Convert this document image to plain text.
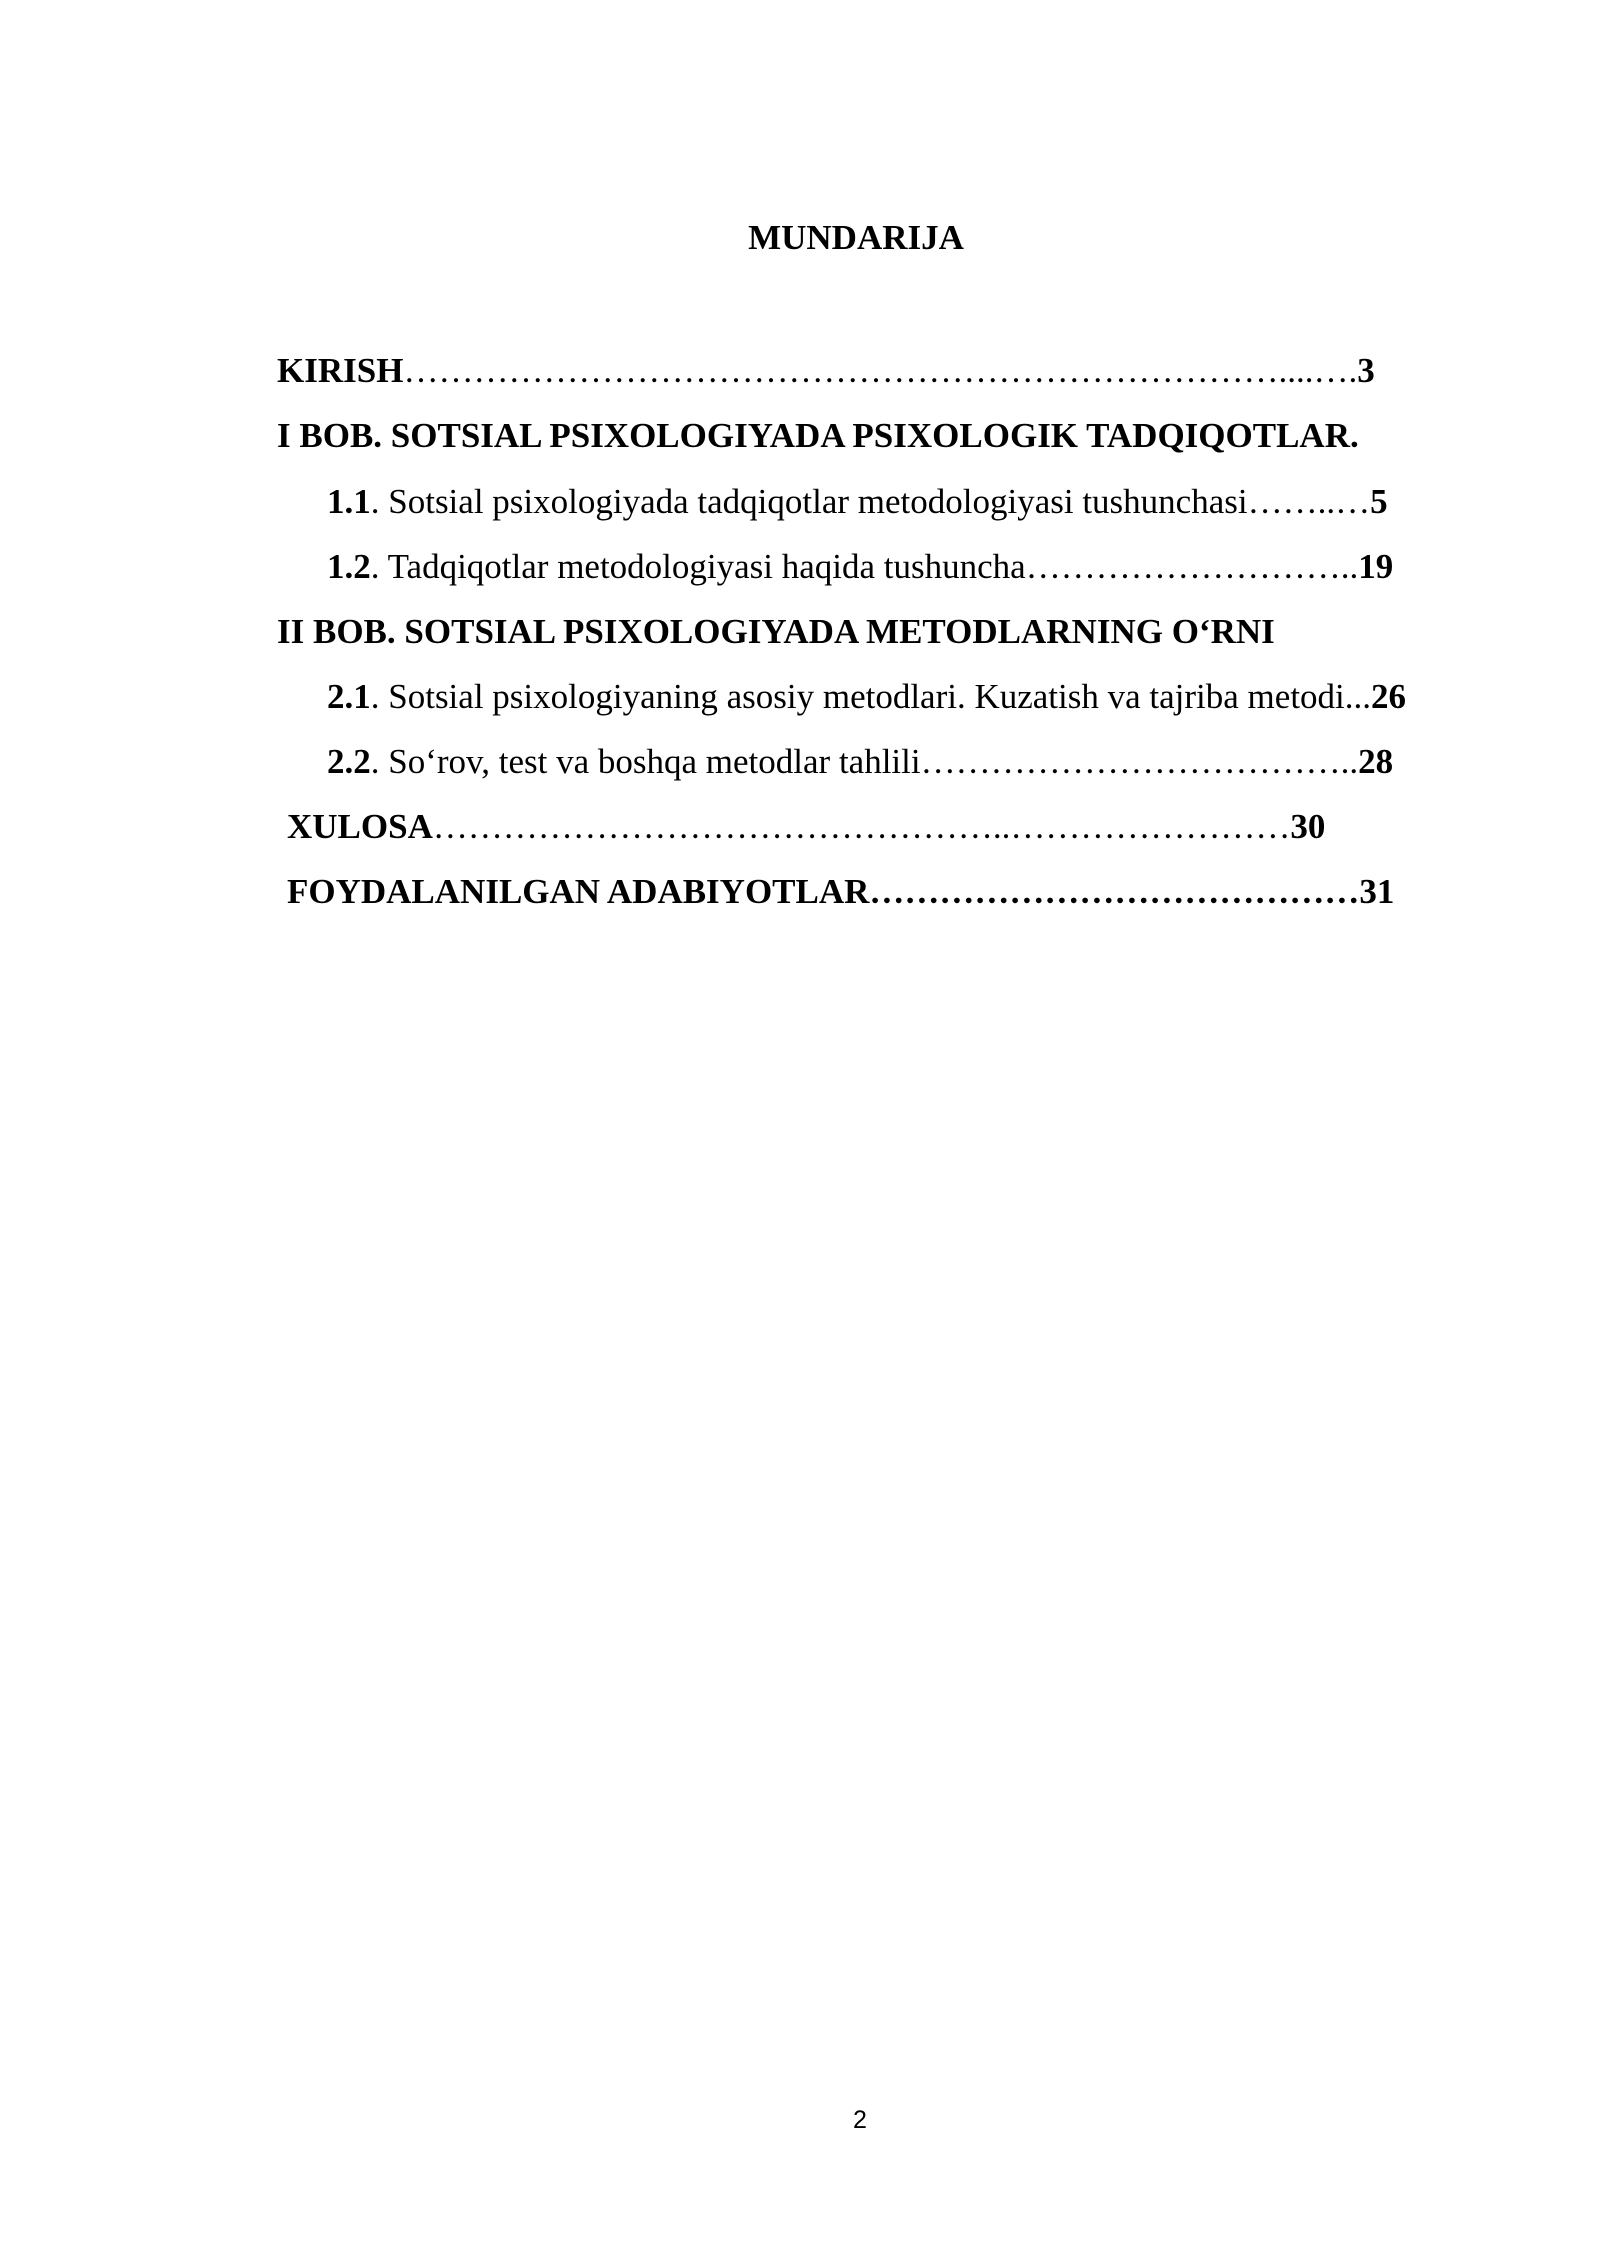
MUNDARIJA
KIRISH…………………………………………………………………....….3
I BOB. SOTSIAL PSIXOLOGIYADA PSIXOLOGIK TADQIQOTLAR.
1.1. Sotsial psixologiyada tadqiqotlar metodologiyasi tushunchasi……..…5
1.2. Tadqiqotlar metodologiyasi haqida tushuncha………………………..19
II BOB. SOTSIAL PSIXOLOGIYADA METODLARNING O‘RNI
2.1. Sotsial psixologiyaning asosiy metodlari. Kuzatish va tajriba metodi...26
2.2. So‘rov, test va boshqa metodlar tahlili………………………………..28
XULOSA…………………………………………..……………………30
FOYDALANILGAN ADABIYOTLAR……………………………………31
2
